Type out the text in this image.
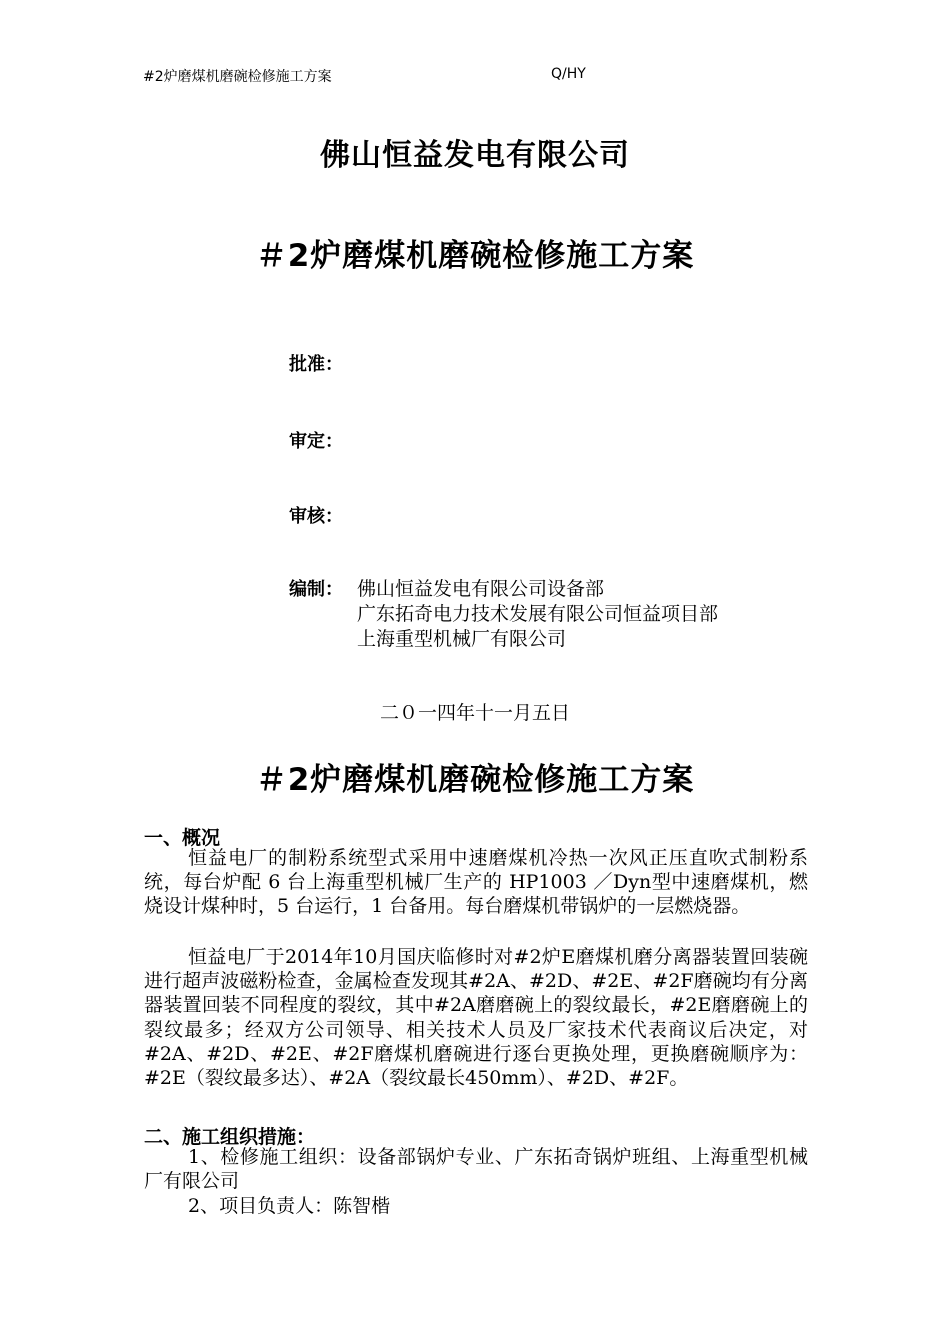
#2炉磨煤机磨碗检修施工方案	Q/HY
佛山恒益发电有限公司
＃2炉磨煤机磨碗检修施工方案
批准：
审定：
审核：
编制： 佛山恒益发电有限公司设备部
广东拓奇电力技术发展有限公司恒益项目部
上海重型机械厂有限公司
二０一四年十一月五日
＃2炉磨煤机磨碗检修施工方案
一、概况

恒益电厂的制粉系统型式采用中速磨煤机冷热一次风正压直吹式制粉系统，每台炉配 6 台上海重型机械厂生产的 HP1003 ／Dyn型中速磨煤机，燃烧设计煤种时，5 台运行，1 台备用。每台磨煤机带锅炉的一层燃烧器。

恒益电厂于2014年10月国庆临修时对#2炉E磨煤机磨分离器装置回装碗进行超声波磁粉检查，金属检查发现其#2A、#2D、#2E、#2F磨碗均有分离器装置回装不同程度的裂纹，其中#2A磨磨碗上的裂纹最长，#2E磨磨碗上的裂纹最多；经双方公司领导、相关技术人员及厂家技术代表商议后决定，对#2A、#2D、#2E、#2F磨煤机磨碗进行逐台更换处理，更换磨碗顺序为：#2E（裂纹最多达）、#2A（裂纹最长450mm）、#2D、#2F。

二、施工组织措施：

1、检修施工组织：设备部锅炉专业、广东拓奇锅炉班组、上海重型机械厂有限公司

2、项目负责人：陈智楷
